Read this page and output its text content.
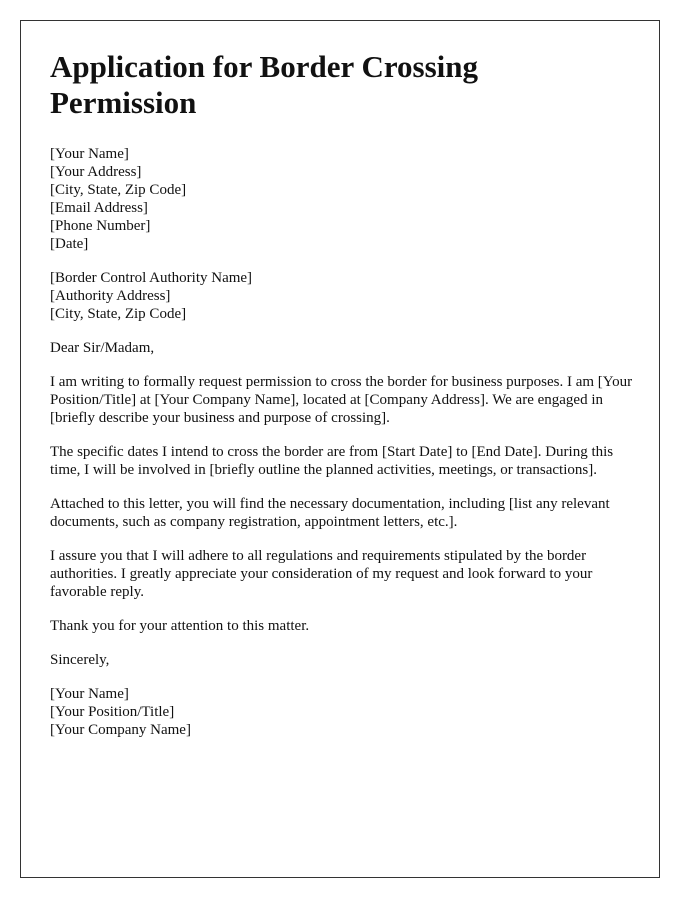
Application for Border Crossing Permission
[Your Name]
[Your Address]
[City, State, Zip Code]
[Email Address]
[Phone Number]
[Date]
[Border Control Authority Name]
[Authority Address]
[City, State, Zip Code]

Dear Sir/Madam,

I am writing to formally request permission to cross the border for business purposes. I am [Your Position/Title] at [Your Company Name], located at [Company Address]. We are engaged in [briefly describe your business and purpose of crossing].

The specific dates I intend to cross the border are from [Start Date] to [End Date]. During this time, I will be involved in [briefly outline the planned activities, meetings, or transactions].

Attached to this letter, you will find the necessary documentation, including [list any relevant documents, such as company registration, appointment letters, etc.].

I assure you that I will adhere to all regulations and requirements stipulated by the border authorities. I greatly appreciate your consideration of my request and look forward to your favorable reply.

Thank you for your attention to this matter.

Sincerely,

[Your Name]
[Your Position/Title]
[Your Company Name]
